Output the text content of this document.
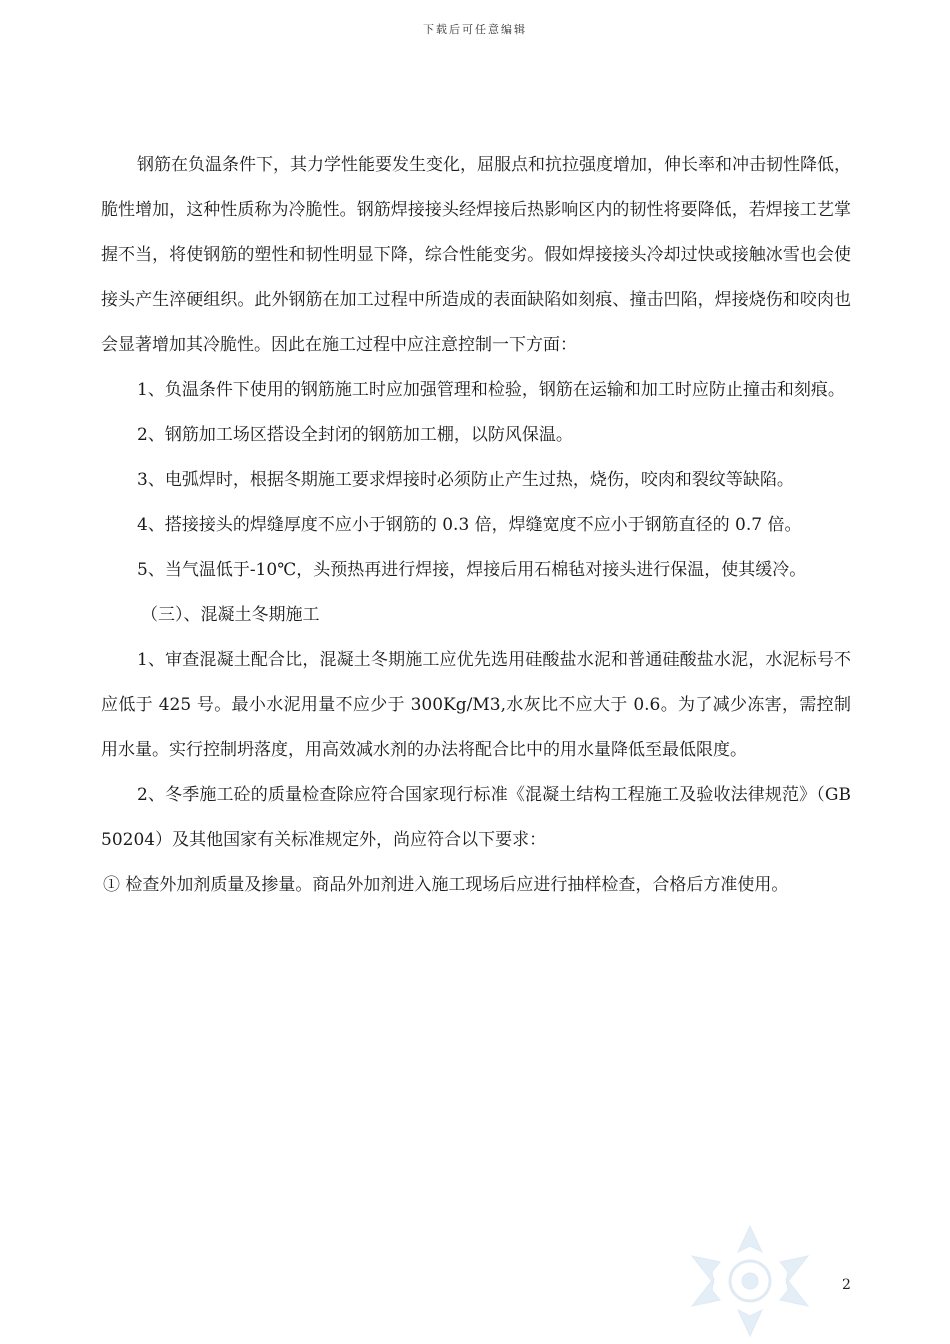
下载后可任意编辑

钢筋在负温条件下，其力学性能要发生变化，屈服点和抗拉强度增加，伸长率和冲击韧性降低，脆性增加，这种性质称为冷脆性。钢筋焊接接头经焊接后热影响区内的韧性将要降低，若焊接工艺掌握不当，将使钢筋的塑性和韧性明显下降，综合性能变劣。假如焊接接头冷却过快或接触冰雪也会使接头产生淬硬组织。此外钢筋在加工过程中所造成的表面缺陷如刻痕、撞击凹陷，焊接烧伤和咬肉也会显著增加其冷脆性。因此在施工过程中应注意控制一下方面：

1、负温条件下使用的钢筋施工时应加强管理和检验，钢筋在运输和加工时应防止撞击和刻痕。

2、钢筋加工场区搭设全封闭的钢筋加工棚，以防风保温。

3、电弧焊时，根据冬期施工要求焊接时必须防止产生过热，烧伤，咬肉和裂纹等缺陷。

4、搭接接头的焊缝厚度不应小于钢筋的 0.3 倍，焊缝宽度不应小于钢筋直径的 0.7 倍。

5、当气温低于-10℃，头预热再进行焊接，焊接后用石棉毡对接头进行保温，使其缓冷。

（三）、混凝土冬期施工

1、审查混凝土配合比，混凝土冬期施工应优先选用硅酸盐水泥和普通硅酸盐水泥，水泥标号不应低于 425 号。最小水泥用量不应少于 300Kg/M3,水灰比不应大于 0.6。为了减少冻害，需控制用水量。实行控制坍落度，用高效减水剂的办法将配合比中的用水量降低至最低限度。

2、冬季施工砼的质量检查除应符合国家现行标准《混凝土结构工程施工及验收法律规范》（GB50204）及其他国家有关标准规定外，尚应符合以下要求：

① 检查外加剂质量及掺量。商品外加剂进入施工现场后应进行抽样检查，合格后方准使用。

2
